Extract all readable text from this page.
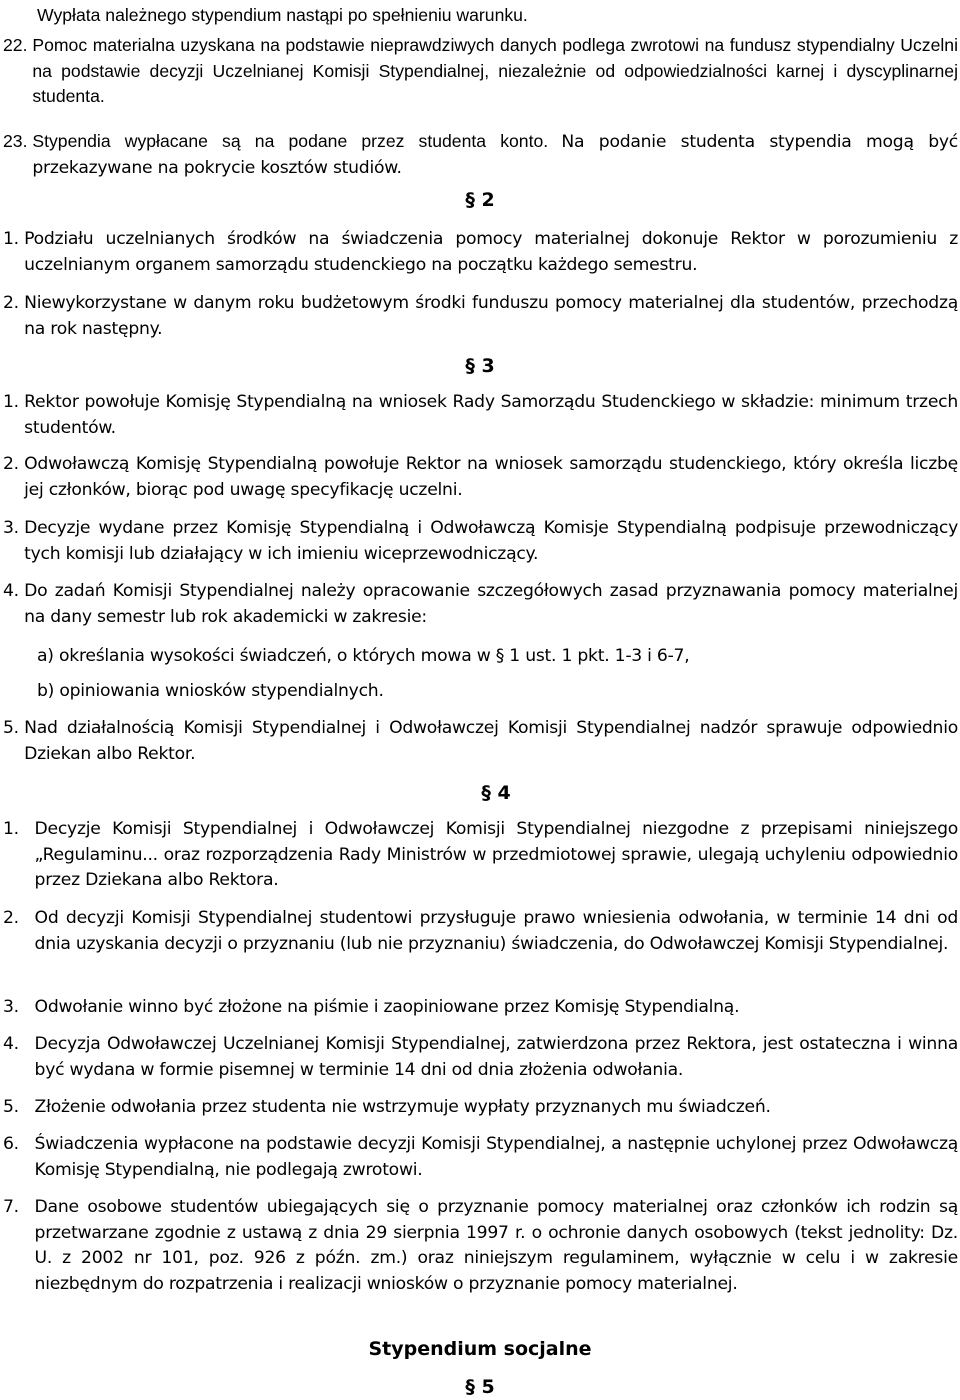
Wypłata należnego stypendium nastąpi po spełnieniu warunku.
22.
Pomoc materialna uzyskana na podstawie nieprawdziwych danych podlega zwrotowi na fundusz stypendialny Uczelni na podstawie decyzji Uczelnianej Komisji Stypendialnej, niezależnie od odpowiedzialności karnej i dyscyplinarnej studenta.
23.
Stypendia wypłacane są na podane przez studenta konto. Na podanie studenta stypendia mogą być przekazywane na pokrycie kosztów studiów.
§ 2
1.
Podziału uczelnianych środków na świadczenia pomocy materialnej dokonuje Rektor w porozumieniu z uczelnianym organem samorządu studenckiego na początku każdego semestru.
2.
Niewykorzystane w danym roku budżetowym środki funduszu pomocy materialnej dla studentów, przechodzą na rok następny.
§ 3
1.
Rektor powołuje Komisję Stypendialną na wniosek Rady Samorządu Studenckiego w składzie: minimum trzech studentów.
2.
Odwoławczą Komisję Stypendialną powołuje Rektor na wniosek samorządu studenckiego, który określa liczbę jej członków, biorąc pod uwagę specyfikację uczelni.
3.
Decyzje wydane przez Komisję Stypendialną i Odwoławczą Komisje Stypendialną podpisuje przewodniczący tych komisji lub działający w ich imieniu wiceprzewodniczący.
4.
Do zadań Komisji Stypendialnej należy opracowanie szczegółowych zasad przyznawania pomocy materialnej na dany semestr lub rok akademicki w zakresie:
a)
określania wysokości świadczeń, o których mowa w § 1 ust. 1 pkt. 1-3 i 6-7,
b)
opiniowania wniosków stypendialnych.
5.
Nad działalnością Komisji Stypendialnej i Odwoławczej Komisji Stypendialnej nadzór sprawuje odpowiednio Dziekan albo Rektor.
§ 4
1.
Decyzje Komisji Stypendialnej i Odwoławczej Komisji Stypendialnej niezgodne z przepisami niniejszego „Regulaminu... oraz rozporządzenia Rady Ministrów w przedmiotowej sprawie, ulegają uchyleniu odpowiednio przez Dziekana albo Rektora.
2.
Od decyzji Komisji Stypendialnej studentowi przysługuje prawo wniesienia odwołania, w terminie 14 dni od dnia uzyskania decyzji o przyznaniu (lub nie przyznaniu) świadczenia, do Odwoławczej Komisji Stypendialnej.
3.
Odwołanie winno być złożone na piśmie i zaopiniowane przez Komisję Stypendialną.
4.
Decyzja Odwoławczej Uczelnianej Komisji Stypendialnej, zatwierdzona przez Rektora, jest ostateczna i winna być wydana w formie pisemnej w terminie 14 dni od dnia złożenia odwołania.
5.
Złożenie odwołania przez studenta nie wstrzymuje wypłaty przyznanych mu świadczeń.
6.
Świadczenia wypłacone na podstawie decyzji Komisji Stypendialnej, a następnie uchylonej przez Odwoławczą Komisję Stypendialną, nie podlegają zwrotowi.
7.
Dane osobowe studentów ubiegających się o przyznanie pomocy materialnej oraz członków ich rodzin są przetwarzane zgodnie z ustawą z dnia 29 sierpnia 1997 r. o ochronie danych osobowych (tekst jednolity: Dz. U. z 2002 nr 101, poz. 926 z późn. zm.) oraz niniejszym regulaminem, wyłącznie w celu i w zakresie niezbędnym do rozpatrzenia i realizacji wniosków o przyznanie pomocy materialnej.
Stypendium socjalne
§ 5
